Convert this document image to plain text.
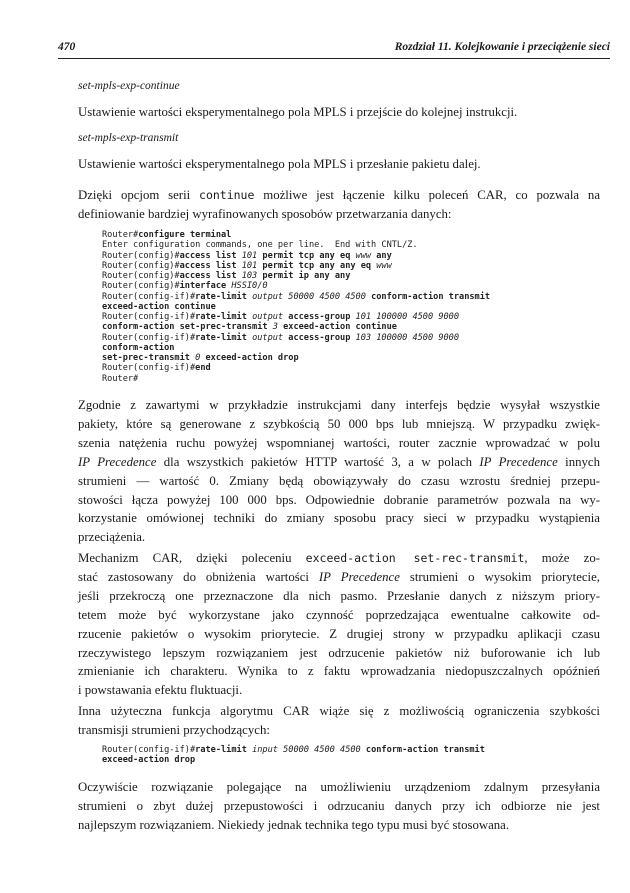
470	Rozdział 11. Kolejkowanie i przeciążenie sieci
set-mpls-exp-continue

Ustawienie wartości eksperymentalnego pola MPLS i przejście do kolejnej instrukcji.

set-mpls-exp-transmit

Ustawienie wartości eksperymentalnego pola MPLS i przesłanie pakietu dalej.

Dzięki opcjom serii continue możliwe jest łączenie kilku poleceń CAR, co pozwala na
definiowanie bardziej wyrafinowanych sposobów przetwarzania danych:

Router#configure terminal
Enter configuration commands, one per line.  End with CNTL/Z.
Router(config)#access list 101 permit tcp any eq www any
Router(config)#access list 101 permit tcp any any eq www
Router(config)#access list 103 permit ip any any
Router(config)#interface HSSI0/0
Router(config-if)#rate-limit output 50000 4500 4500 conform-action transmit
exceed-action continue
Router(config-if)#rate-limit output access-group 101 100000 4500 9000
conform-action set-prec-transmit 3 exceed-action continue
Router(config-if)#rate-limit output access-group 103 100000 4500 9000
conform-action
set-prec-transmit 0 exceed-action drop
Router(config-if)#end
Router#

Zgodnie z zawartymi w przykładzie instrukcjami dany interfejs będzie wysyłał wszystkie
pakiety, które są generowane z szybkością 50 000 bps lub mniejszą. W przypadku zwięk-
szenia natężenia ruchu powyżej wspomnianej wartości, router zacznie wprowadzać w polu
IP Precedence dla wszystkich pakietów HTTP wartość 3, a w polach IP Precedence innych
strumieni — wartość 0. Zmiany będą obowiązywały do czasu wzrostu średniej przepu-
stowości łącza powyżej 100 000 bps. Odpowiednie dobranie parametrów pozwala na wy-
korzystanie omówionej techniki do zmiany sposobu pracy sieci w przypadku wystąpienia
przeciążenia.

Mechanizm CAR, dzięki poleceniu exceed-action set-rec-transmit, może zo-
stać zastosowany do obniżenia wartości IP Precedence strumieni o wysokim priorytecie,
jeśli przekroczą one przeznaczone dla nich pasmo. Przesłanie danych z niższym priory-
tetem może być wykorzystane jako czynność poprzedzająca ewentualne całkowite od-
rzucenie pakietów o wysokim priorytecie. Z drugiej strony w przypadku aplikacji czasu
rzeczywistego lepszym rozwiązaniem jest odrzucenie pakietów niż buforowanie ich lub
zmienianie ich charakteru. Wynika to z faktu wprowadzania niedopuszczalnych opóźnień
i powstawania efektu fluktuacji.

Inna użyteczna funkcja algorytmu CAR wiąże się z możliwością ograniczenia szybkości
transmisji strumieni przychodzących:

Router(config-if)#rate-limit input 50000 4500 4500 conform-action transmit
exceed-action drop

Oczywiście rozwiązanie polegające na umożliwieniu urządzeniom zdalnym przesyłania
strumieni o zbyt dużej przepustowości i odrzucaniu danych przy ich odbiorze nie jest
najlepszym rozwiązaniem. Niekiedy jednak technika tego typu musi być stosowana.
